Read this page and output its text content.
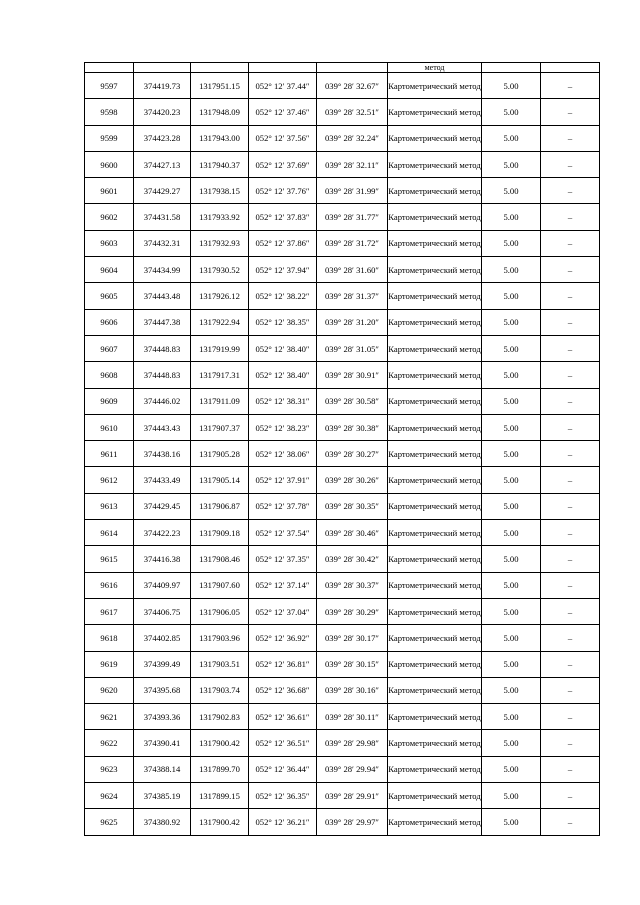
					метод		
9597	374419.73	1317951.15	052° 12′ 37.44″	039° 28′ 32.67″	Картометрический метод	5.00	–
9598	374420.23	1317948.09	052° 12′ 37.46″	039° 28′ 32.51″	Картометрический метод	5.00	–
9599	374423.28	1317943.00	052° 12′ 37.56″	039° 28′ 32.24″	Картометрический метод	5.00	–
9600	374427.13	1317940.37	052° 12′ 37.69″	039° 28′ 32.11″	Картометрический метод	5.00	–
9601	374429.27	1317938.15	052° 12′ 37.76″	039° 28′ 31.99″	Картометрический метод	5.00	–
9602	374431.58	1317933.92	052° 12′ 37.83″	039° 28′ 31.77″	Картометрический метод	5.00	–
9603	374432.31	1317932.93	052° 12′ 37.86″	039° 28′ 31.72″	Картометрический метод	5.00	–
9604	374434.99	1317930.52	052° 12′ 37.94″	039° 28′ 31.60″	Картометрический метод	5.00	–
9605	374443.48	1317926.12	052° 12′ 38.22″	039° 28′ 31.37″	Картометрический метод	5.00	–
9606	374447.38	1317922.94	052° 12′ 38.35″	039° 28′ 31.20″	Картометрический метод	5.00	–
9607	374448.83	1317919.99	052° 12′ 38.40″	039° 28′ 31.05″	Картометрический метод	5.00	–
9608	374448.83	1317917.31	052° 12′ 38.40″	039° 28′ 30.91″	Картометрический метод	5.00	–
9609	374446.02	1317911.09	052° 12′ 38.31″	039° 28′ 30.58″	Картометрический метод	5.00	–
9610	374443.43	1317907.37	052° 12′ 38.23″	039° 28′ 30.38″	Картометрический метод	5.00	–
9611	374438.16	1317905.28	052° 12′ 38.06″	039° 28′ 30.27″	Картометрический метод	5.00	–
9612	374433.49	1317905.14	052° 12′ 37.91″	039° 28′ 30.26″	Картометрический метод	5.00	–
9613	374429.45	1317906.87	052° 12′ 37.78″	039° 28′ 30.35″	Картометрический метод	5.00	–
9614	374422.23	1317909.18	052° 12′ 37.54″	039° 28′ 30.46″	Картометрический метод	5.00	–
9615	374416.38	1317908.46	052° 12′ 37.35″	039° 28′ 30.42″	Картометрический метод	5.00	–
9616	374409.97	1317907.60	052° 12′ 37.14″	039° 28′ 30.37″	Картометрический метод	5.00	–
9617	374406.75	1317906.05	052° 12′ 37.04″	039° 28′ 30.29″	Картометрический метод	5.00	–
9618	374402.85	1317903.96	052° 12′ 36.92″	039° 28′ 30.17″	Картометрический метод	5.00	–
9619	374399.49	1317903.51	052° 12′ 36.81″	039° 28′ 30.15″	Картометрический метод	5.00	–
9620	374395.68	1317903.74	052° 12′ 36.68″	039° 28′ 30.16″	Картометрический метод	5.00	–
9621	374393.36	1317902.83	052° 12′ 36.61″	039° 28′ 30.11″	Картометрический метод	5.00	–
9622	374390.41	1317900.42	052° 12′ 36.51″	039° 28′ 29.98″	Картометрический метод	5.00	–
9623	374388.14	1317899.70	052° 12′ 36.44″	039° 28′ 29.94″	Картометрический метод	5.00	–
9624	374385.19	1317899.15	052° 12′ 36.35″	039° 28′ 29.91″	Картометрический метод	5.00	–
9625	374380.92	1317900.42	052° 12′ 36.21″	039° 28′ 29.97″	Картометрический метод	5.00	–
